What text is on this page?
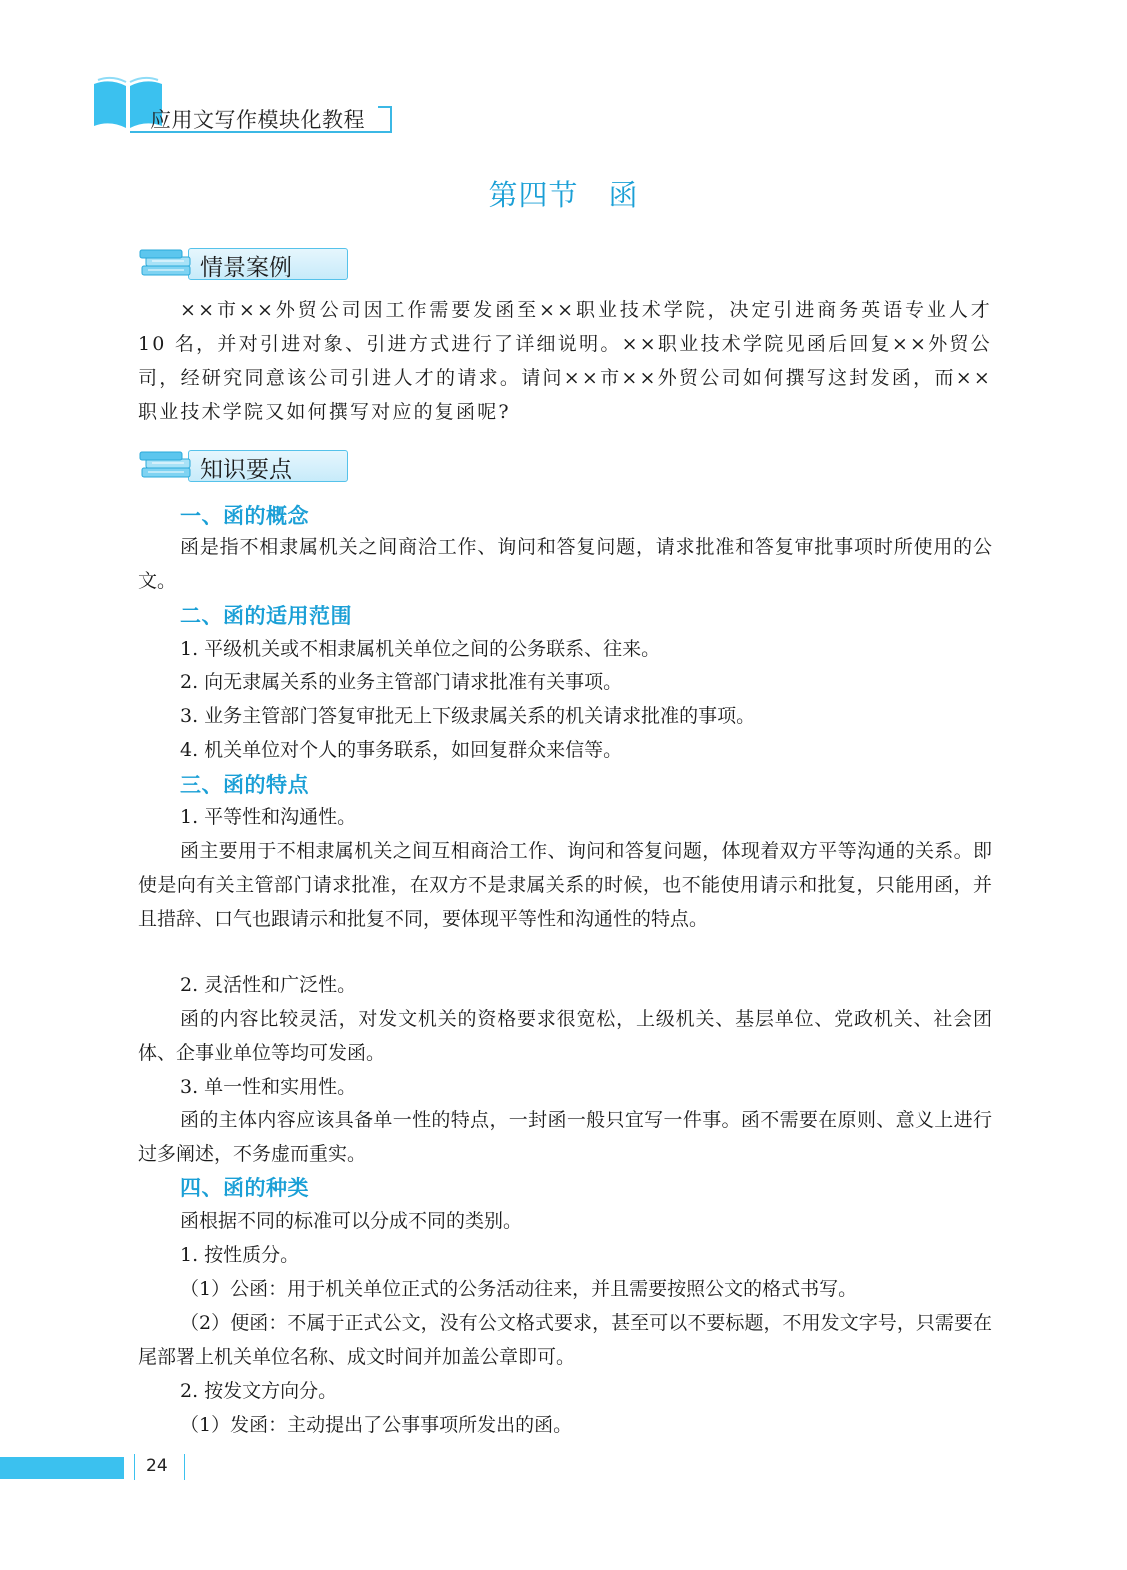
应用文写作模块化教程
第四节 函
情景案例
××市××外贸公司因工作需要发函至××职业技术学院，决定引进商务英语专业人才 10 名，并对引进对象、引进方式进行了详细说明。××职业技术学院见函后回复××外贸公司，经研究同意该公司引进人才的请求。请问××市××外贸公司如何撰写这封发函，而××职业技术学院又如何撰写对应的复函呢?
知识要点
一、函的概念
函是指不相隶属机关之间商洽工作、询问和答复问题，请求批准和答复审批事项时所使用的公文。
二、函的适用范围
1. 平级机关或不相隶属机关单位之间的公务联系、往来。
2. 向无隶属关系的业务主管部门请求批准有关事项。
3. 业务主管部门答复审批无上下级隶属关系的机关请求批准的事项。
4. 机关单位对个人的事务联系，如回复群众来信等。
三、函的特点
1. 平等性和沟通性。
函主要用于不相隶属机关之间互相商洽工作、询问和答复问题，体现着双方平等沟通的关系。即使是向有关主管部门请求批准，在双方不是隶属关系的时候，也不能使用请示和批复，只能用函，并且措辞、口气也跟请示和批复不同，要体现平等性和沟通性的特点。
2. 灵活性和广泛性。
函的内容比较灵活，对发文机关的资格要求很宽松，上级机关、基层单位、党政机关、社会团体、企事业单位等均可发函。
3. 单一性和实用性。
函的主体内容应该具备单一性的特点，一封函一般只宜写一件事。函不需要在原则、意义上进行过多阐述，不务虚而重实。
四、函的种类
函根据不同的标准可以分成不同的类别。
1. 按性质分。
（1）公函：用于机关单位正式的公务活动往来，并且需要按照公文的格式书写。
（2）便函：不属于正式公文，没有公文格式要求，甚至可以不要标题，不用发文字号，只需要在尾部署上机关单位名称、成文时间并加盖公章即可。
2. 按发文方向分。
（1）发函：主动提出了公事事项所发出的函。
24
